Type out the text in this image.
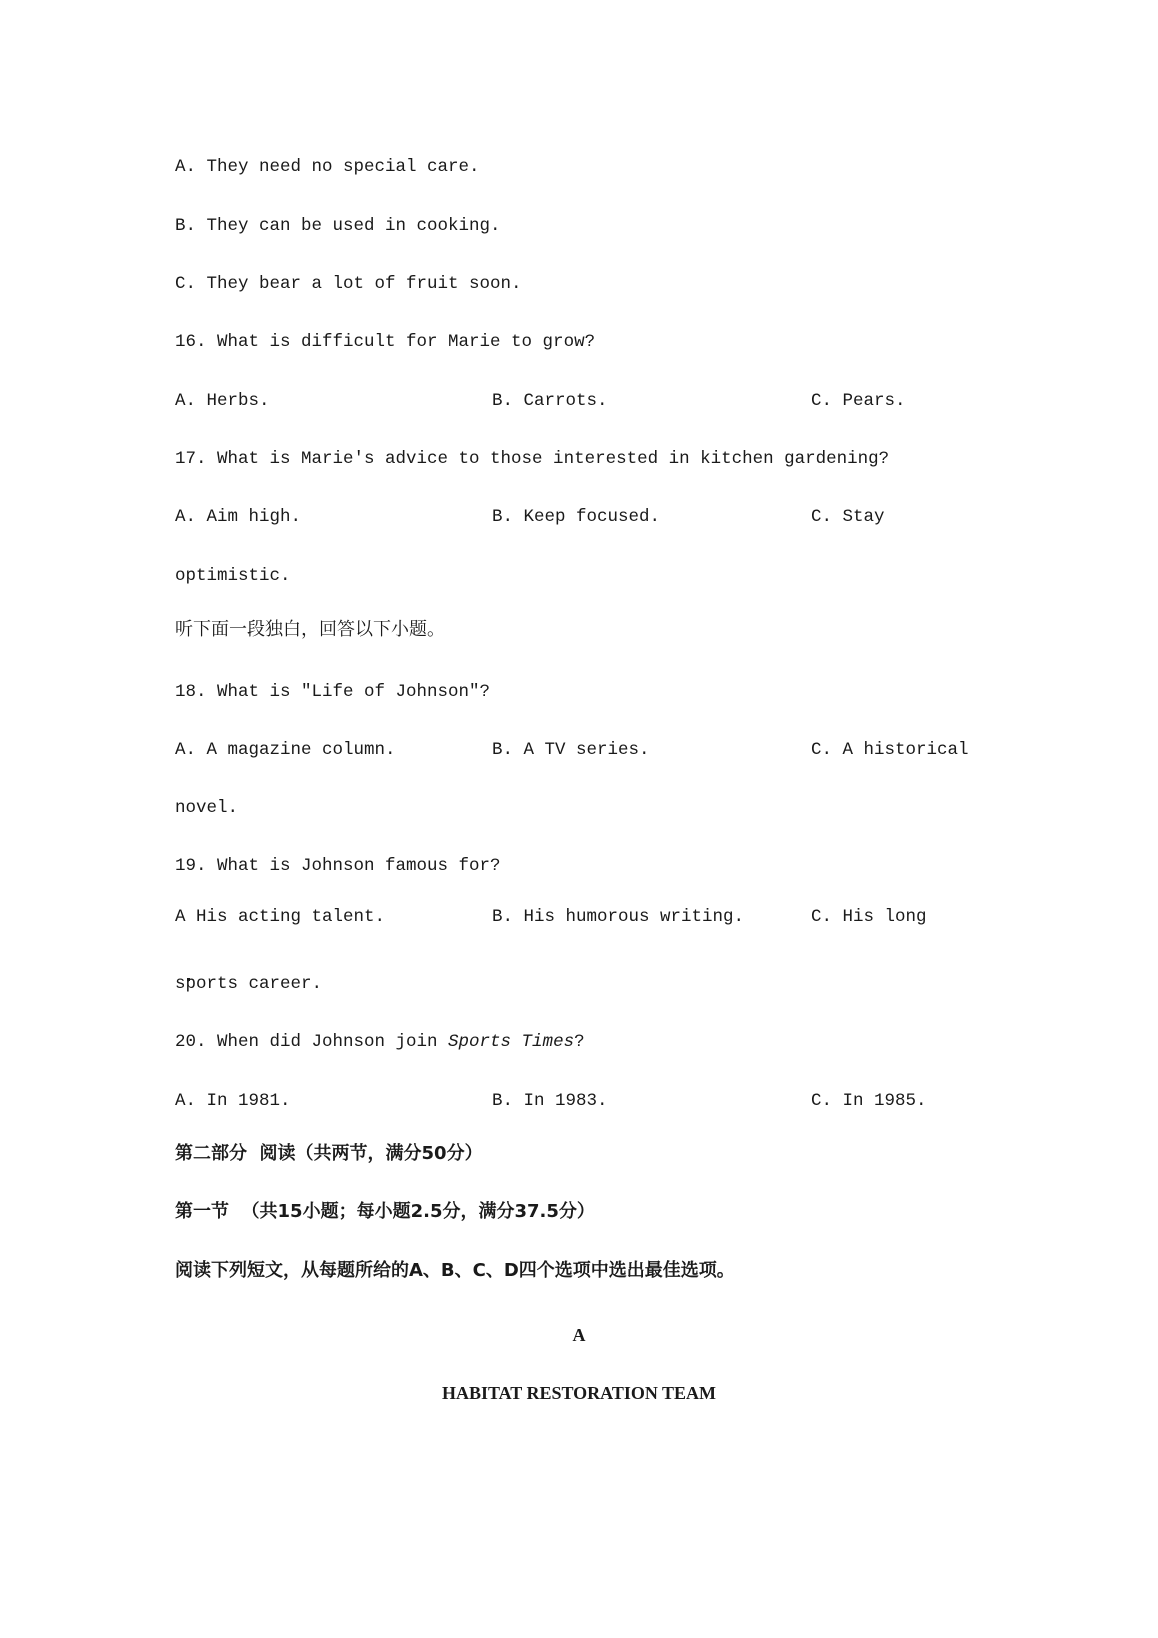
A. They need no special care.
B. They can be used in cooking.
C. They bear a lot of fruit soon.
16. What is difficult for Marie to grow?
A. Herbs.	B. Carrots.	C. Pears.
17. What is Marie's advice to those interested in kitchen gardening?
A. Aim high.	B. Keep focused.	C. Stay
optimistic.
听下面一段独白，回答以下小题。
18. What is "Life of Johnson"?
A. A magazine column.	B. A TV series.	C. A historical
novel.
19. What is Johnson famous for?
A His acting talent.	B. His humorous writing.	C. His long
sports career.
20. When did Johnson join Sports Times?
A. In 1981.	B. In 1983.	C. In 1985.
第二部分  阅读（共两节，满分50分）
第一节  （共15小题；每小题2.5分，满分37.5分）
阅读下列短文，从每题所给的A、B、C、D四个选项中选出最佳选项。
A
HABITAT RESTORATION TEAM
